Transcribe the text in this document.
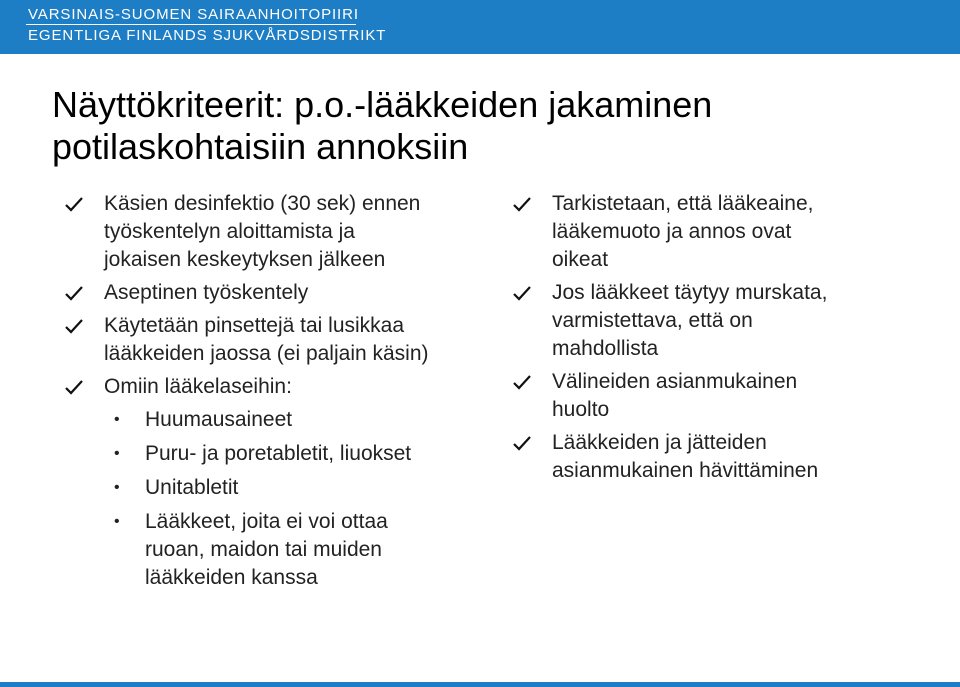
VARSINAIS-SUOMEN SAIRAANHOITOPIIRI
EGENTLIGA FINLANDS SJUKVÅRDSDISTRIKT
Näyttökriteerit: p.o.-lääkkeiden jakaminen
potilaskohtaisiin annoksiin
Käsien desinfektio (30 sek) ennen
työskentelyn aloittamista ja
jokaisen keskeytyksen jälkeen
Aseptinen työskentely
Käytetään pinsettejä tai lusikkaa
lääkkeiden jaossa (ei paljain käsin)
Omiin lääkelaseihin:
• Huumausaineet
• Puru- ja poretabletit, liuokset
• Unitabletit
• Lääkkeet, joita ei voi ottaa
ruoan, maidon tai muiden
lääkkeiden kanssa
Tarkistetaan, että lääkeaine,
lääkemuoto ja annos ovat
oikeat
Jos lääkkeet täytyy murskata,
varmistettava, että on
mahdollista
Välineiden asianmukainen
huolto
Lääkkeiden ja jätteiden
asianmukainen hävittäminen
